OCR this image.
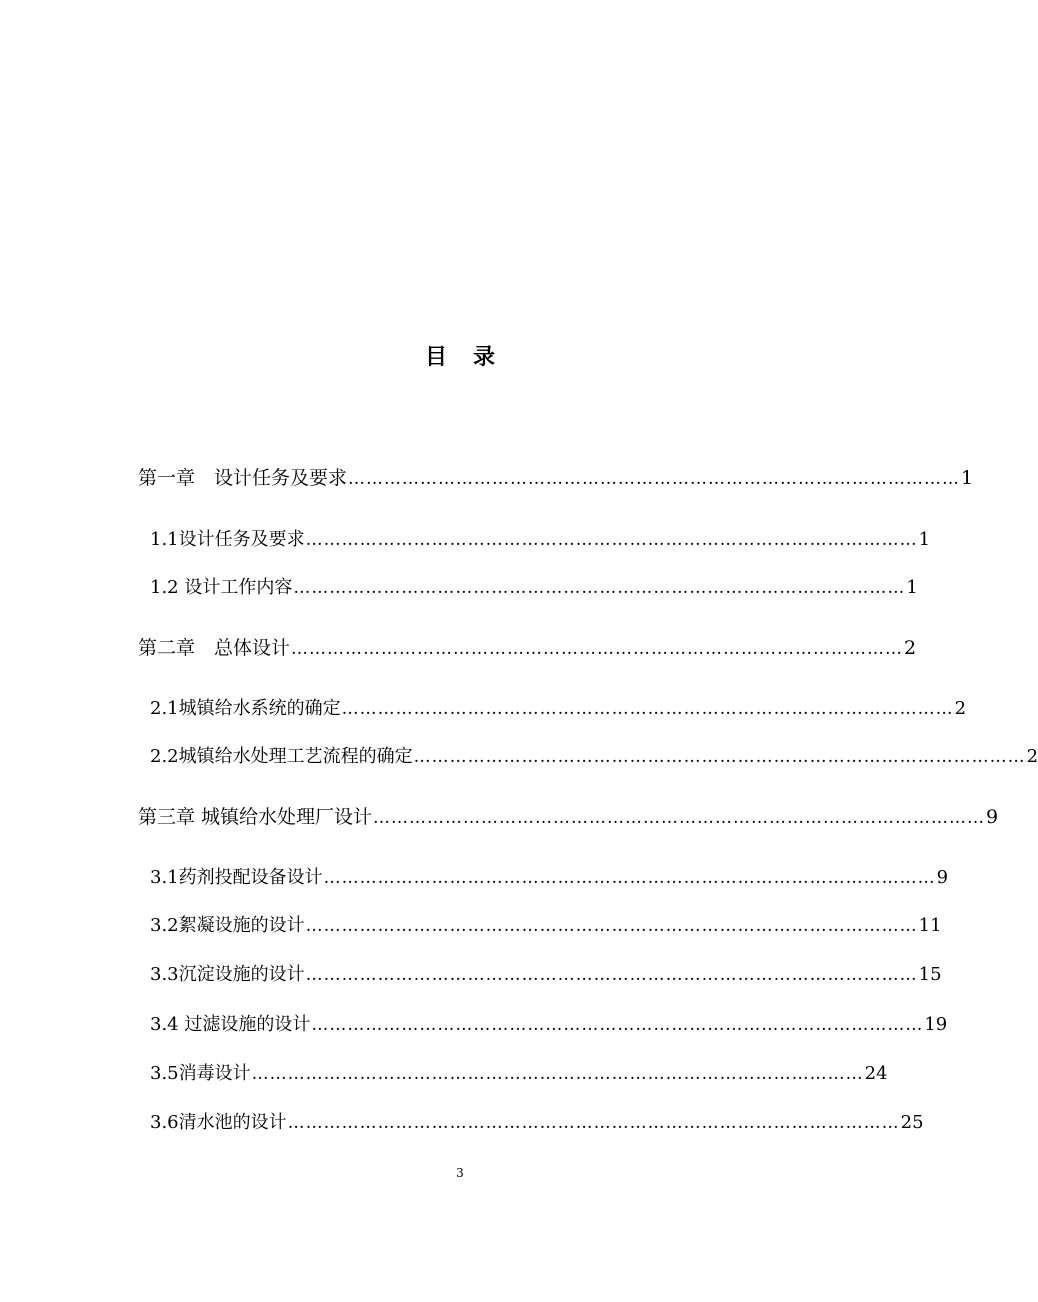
目 录
第一章　设计任务及要求 ………………………………………………………………………………………… 1
1.1设计任务及要求 ………………………………………………………………………………………… 1
1.2 设计工作内容 ………………………………………………………………………………………… 1
第二章　总体设计 ………………………………………………………………………………………… 2
2.1城镇给水系统的确定 ………………………………………………………………………………………… 2
2.2城镇给水处理工艺流程的确定 ………………………………………………………………………………………… 2
第三章 城镇给水处理厂设计 ………………………………………………………………………………………… 9
3.1药剂投配设备设计 ………………………………………………………………………………………… 9
3.2絮凝设施的设计 ………………………………………………………………………………………… 11
3.3沉淀设施的设计 ………………………………………………………………………………………… 15
3.4 过滤设施的设计 ………………………………………………………………………………………… 19
3.5消毒设计 ………………………………………………………………………………………… 24
3.6清水池的设计 ………………………………………………………………………………………… 25
3
